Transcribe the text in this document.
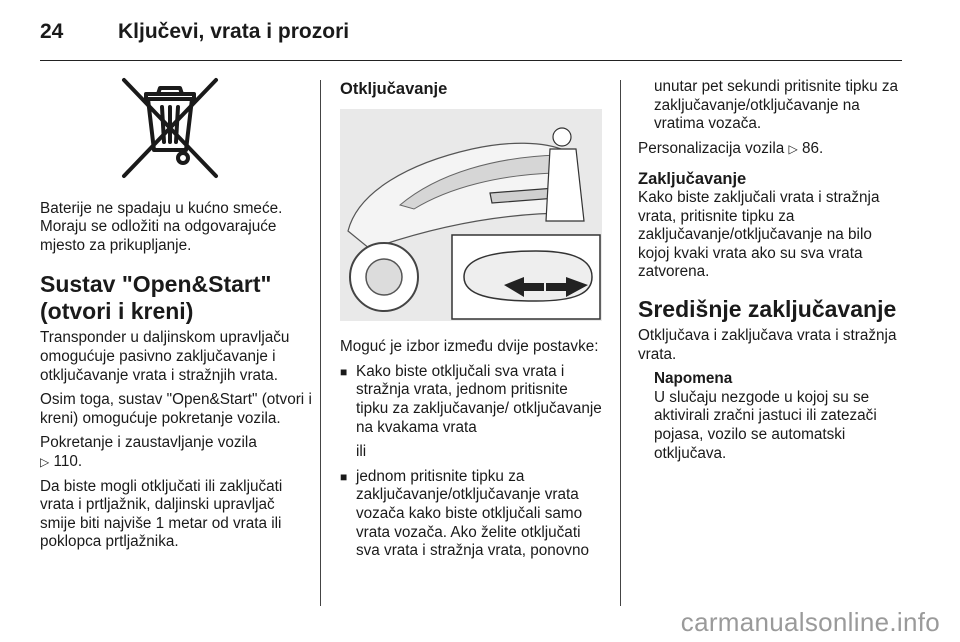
24	Ključevi, vrata i prozori

Baterije ne spadaju u kućno smeće. Moraju se odložiti na odgovarajuće mjesto za prikupljanje.

Sustav "Open&Start" (otvori i kreni)

Transponder u daljinskom upravljaču omogućuje pasivno zaključavanje i otključavanje vrata i stražnjih vrata.

Osim toga, sustav "Open&Start" (otvori i kreni) omogućuje pokretanje vozila.

Pokretanje i zaustavljanje vozila
▷ 110.

Da biste mogli otključati ili zaključati vrata i prtljažnik, daljinski upravljač smije biti najviše 1 metar od vrata ili poklopca prtljažnika.

Otključavanje

Moguć je izbor između dvije postavke:

■ Kako biste otključali sva vrata i stražnja vrata, jednom pritisnite tipku za zaključavanje/ otključavanje na kvakama vrata
ili
■ jednom pritisnite tipku za zaključavanje/otključavanje vrata vozača kako biste otključali samo vrata vozača. Ako želite otključati sva vrata i stražnja vrata, ponovno

unutar pet sekundi pritisnite tipku za zaključavanje/otključavanje na vratima vozača.

Personalizacija vozila ▷ 86.

Zaključavanje

Kako biste zaključali vrata i stražnja vrata, pritisnite tipku za zaključavanje/otključavanje na bilo kojoj kvaki vrata ako su sva vrata zatvorena.

Središnje zaključavanje

Otključava i zaključava vrata i stražnja vrata.

Napomena
U slučaju nezgode u kojoj su se aktivirali zračni jastuci ili zatezači pojasa, vozilo se automatski otključava.
carmanualsonline.info
